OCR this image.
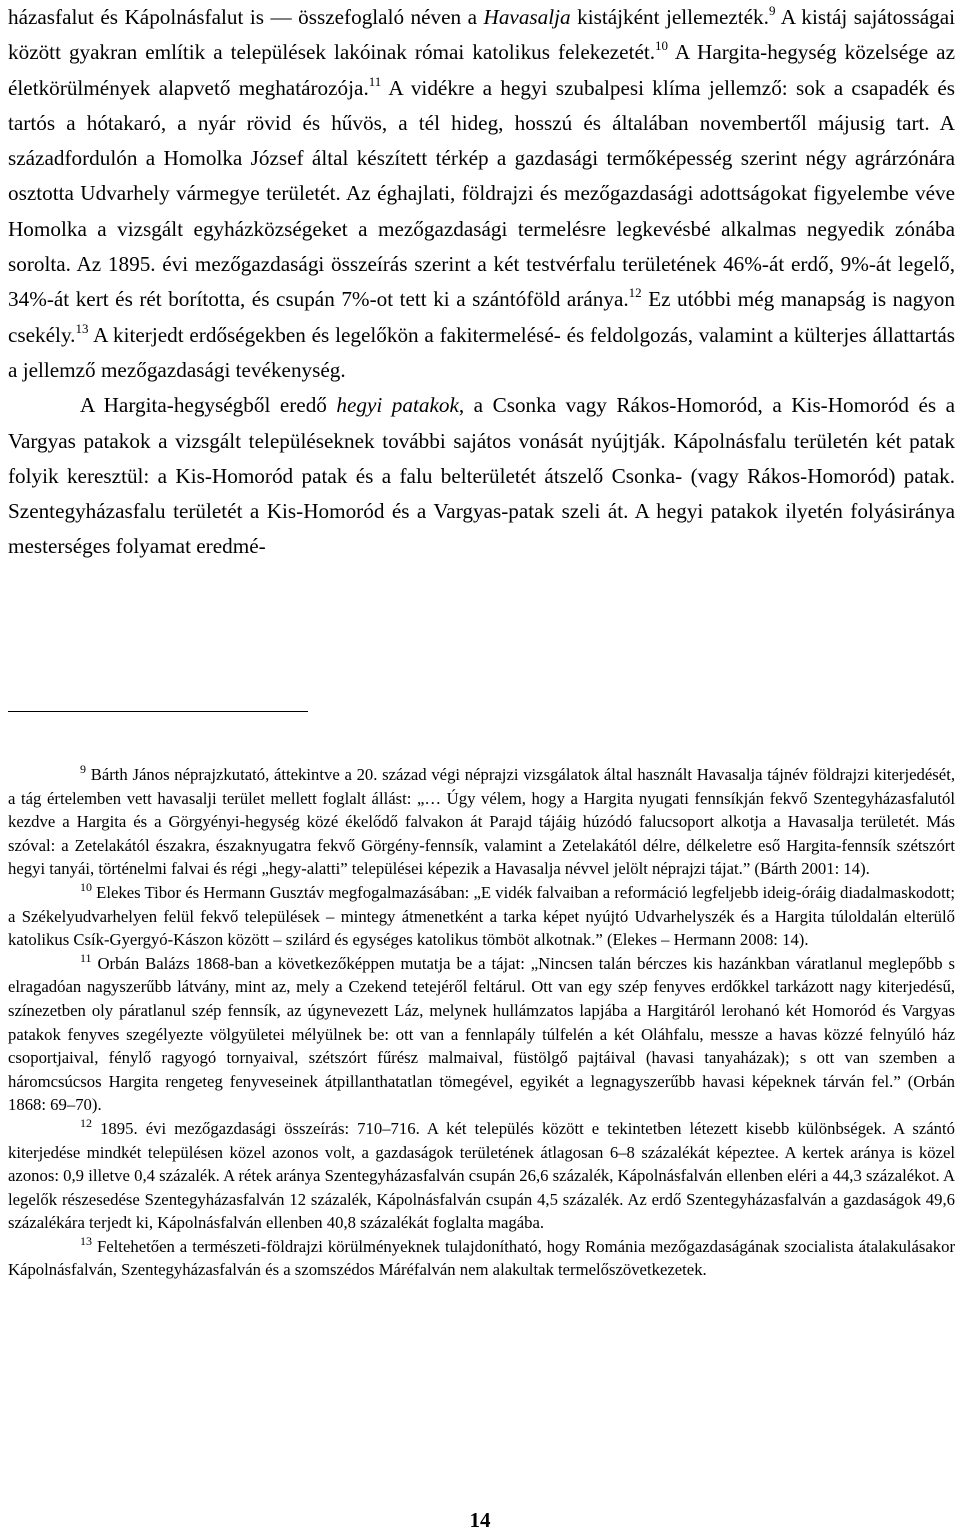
házasfalut és Kápolnásfalut is — összefoglaló néven a Havasalja kistájként jellemezték.$^9$ A kistáj sajátosságai között gyakran említik a települések lakóinak római katolikus felekezetét.$^{10}$ A Hargita-hegység közelsége az életkörülmények alapvető meghatározója.$^{11}$ A vidékre a hegyi szubalpesi klíma jellemző: sok a csapadék és tartós a hótakaró, a nyár rövid és hűvös, a tél hideg, hosszú és általában novembertől májusig tart. A századfordulón a Homolka József által készített térkép a gazdasági termőképesség szerint négy agrárzónára osztotta Udvarhely vármegye területét. Az éghajlati, földrajzi és mezőgazdasági adottságokat figyelembe véve Homolka a vizsgált egyházközségeket a mezőgazdasági termelésre legkevésbé alkalmas negyedik zónába sorolta. Az 1895. évi mezőgazdasági összeírás szerint a két testvérfalu területének 46%-át erdő, 9%-át legelő, 34%-át kert és rét borította, és csupán 7%-ot tett ki a szántóföld aránya.$^{12}$ Ez utóbbi még manapság is nagyon csekély.$^{13}$ A kiterjedt erdőségekben és legelőkön a fakitermelésé- és feldolgozás, valamint a külterjes állattartás a jellemző mezőgazdasági tevékenység.

A Hargita-hegységből eredő hegyi patakok, a Csonka vagy Rákos-Homoród, a Kis-Homoród és a Vargyas patakok a vizsgált településeknek további sajátos vonását nyújtják. Kápolnásfalu területén két patak folyik keresztül: a Kis-Homoród patak és a falu belterületét átszelő Csonka- (vagy Rákos-Homoród) patak. Szentegyházasfalu területét a Kis-Homoród és a Vargyas-patak szeli át. A hegyi patakok ilyetén folyásiránya mesterséges folyamat eredmé-

$^9$ Bárth János néprajzkutató, áttekintve a 20. század végi néprajzi vizsgálatok által használt Havasalja tájnév földrajzi kiterjedését, a tág értelemben vett havasalji terület mellett foglalt állást: „… Úgy vélem, hogy a Hargita nyugati fennsíkján fekvő Szentegyházasfalutól kezdve a Hargita és a Görgyényi-hegység közé ékelődő falvakon át Parajd tájáig húzódó falucsoport alkotja a Havasalja területét. Más szóval: a Zetelakától északra, északnyugatra fekvő Görgény-fennsík, valamint a Zetelakától délre, délkeletre eső Hargita-fennsík szétszórt hegyi tanyái, történelmi falvai és régi „hegy-alatti” települései képezik a Havasalja névvel jelölt néprajzi tájat.” (Bárth 2001: 14).

$^{10}$ Elekes Tibor és Hermann Gusztáv megfogalmazásában: „E vidék falvaiban a reformáció legfeljebb ideig-óráig diadalmaskodott; a Székelyudvarhelyen felül fekvő települések – mintegy átmenetként a tarka képet nyújtó Udvarhelyszék és a Hargita túloldalán elterülő katolikus Csík-Gyergyó-Kászon között – szilárd és egységes katolikus tömböt alkotnak.” (Elekes – Hermann 2008: 14).

$^{11}$ Orbán Balázs 1868-ban a következőképpen mutatja be a tájat: „Nincsen talán bérczes kis hazánkban váratlanul meglepőbb s elragadóan nagyszerűbb látvány, mint az, mely a Czekend tetejéről feltárul. Ott van egy szép fenyves erdőkkel tarkázott nagy kiterjedésű, színezetben oly páratlanul szép fennsík, az úgynevezett Láz, melynek hullámzatos lapjába a Hargitáról lerohanó két Homoród és Vargyas patakok fenyves szegélyezte völgyületei mélyülnek be: ott van a fennlapály túlfelén a két Oláhfalu, messze a havas közzé felnyúló ház csoportjaival, fénylő ragyogó tornyaival, szétszórt fűrész malmaival, füstölgő pajtáival (havasi tanyaházak); s ott van szemben a háromcsúcsos Hargita rengeteg fenyveseinek átpillanthatatlan tömegével, egyikét a legnagyszerűbb havasi képeknek tárván fel.” (Orbán 1868: 69–70).

$^{12}$ 1895. évi mezőgazdasági összeírás: 710–716. A két település között e tekintetben létezett kisebb különbségek. A szántó kiterjedése mindkét településen közel azonos volt, a gazdaságok területének átlagosan 6–8 százalékát képeztee. A kertek aránya is közel azonos: 0,9 illetve 0,4 százalék. A rétek aránya Szentegyházasfalván csupán 26,6 százalék, Kápolnásfalván ellenben eléri a 44,3 százalékot. A legelők részesedése Szentegyházasfalván 12 százalék, Kápolnásfalván csupán 4,5 százalék. Az erdő Szentegyházasfalván a gazdaságok 49,6 százalékára terjedt ki, Kápolnásfalván ellenben 40,8 százalékát foglalta magába.

$^{13}$ Feltehetően a természeti-földrajzi körülményeknek tulajdonítható, hogy Románia mezőgazdaságának szocialista átalakulásakor Kápolnásfalván, Szentegyházasfalván és a szomszédos Máréfalván nem alakultak termelőszövetkezetek.

14
